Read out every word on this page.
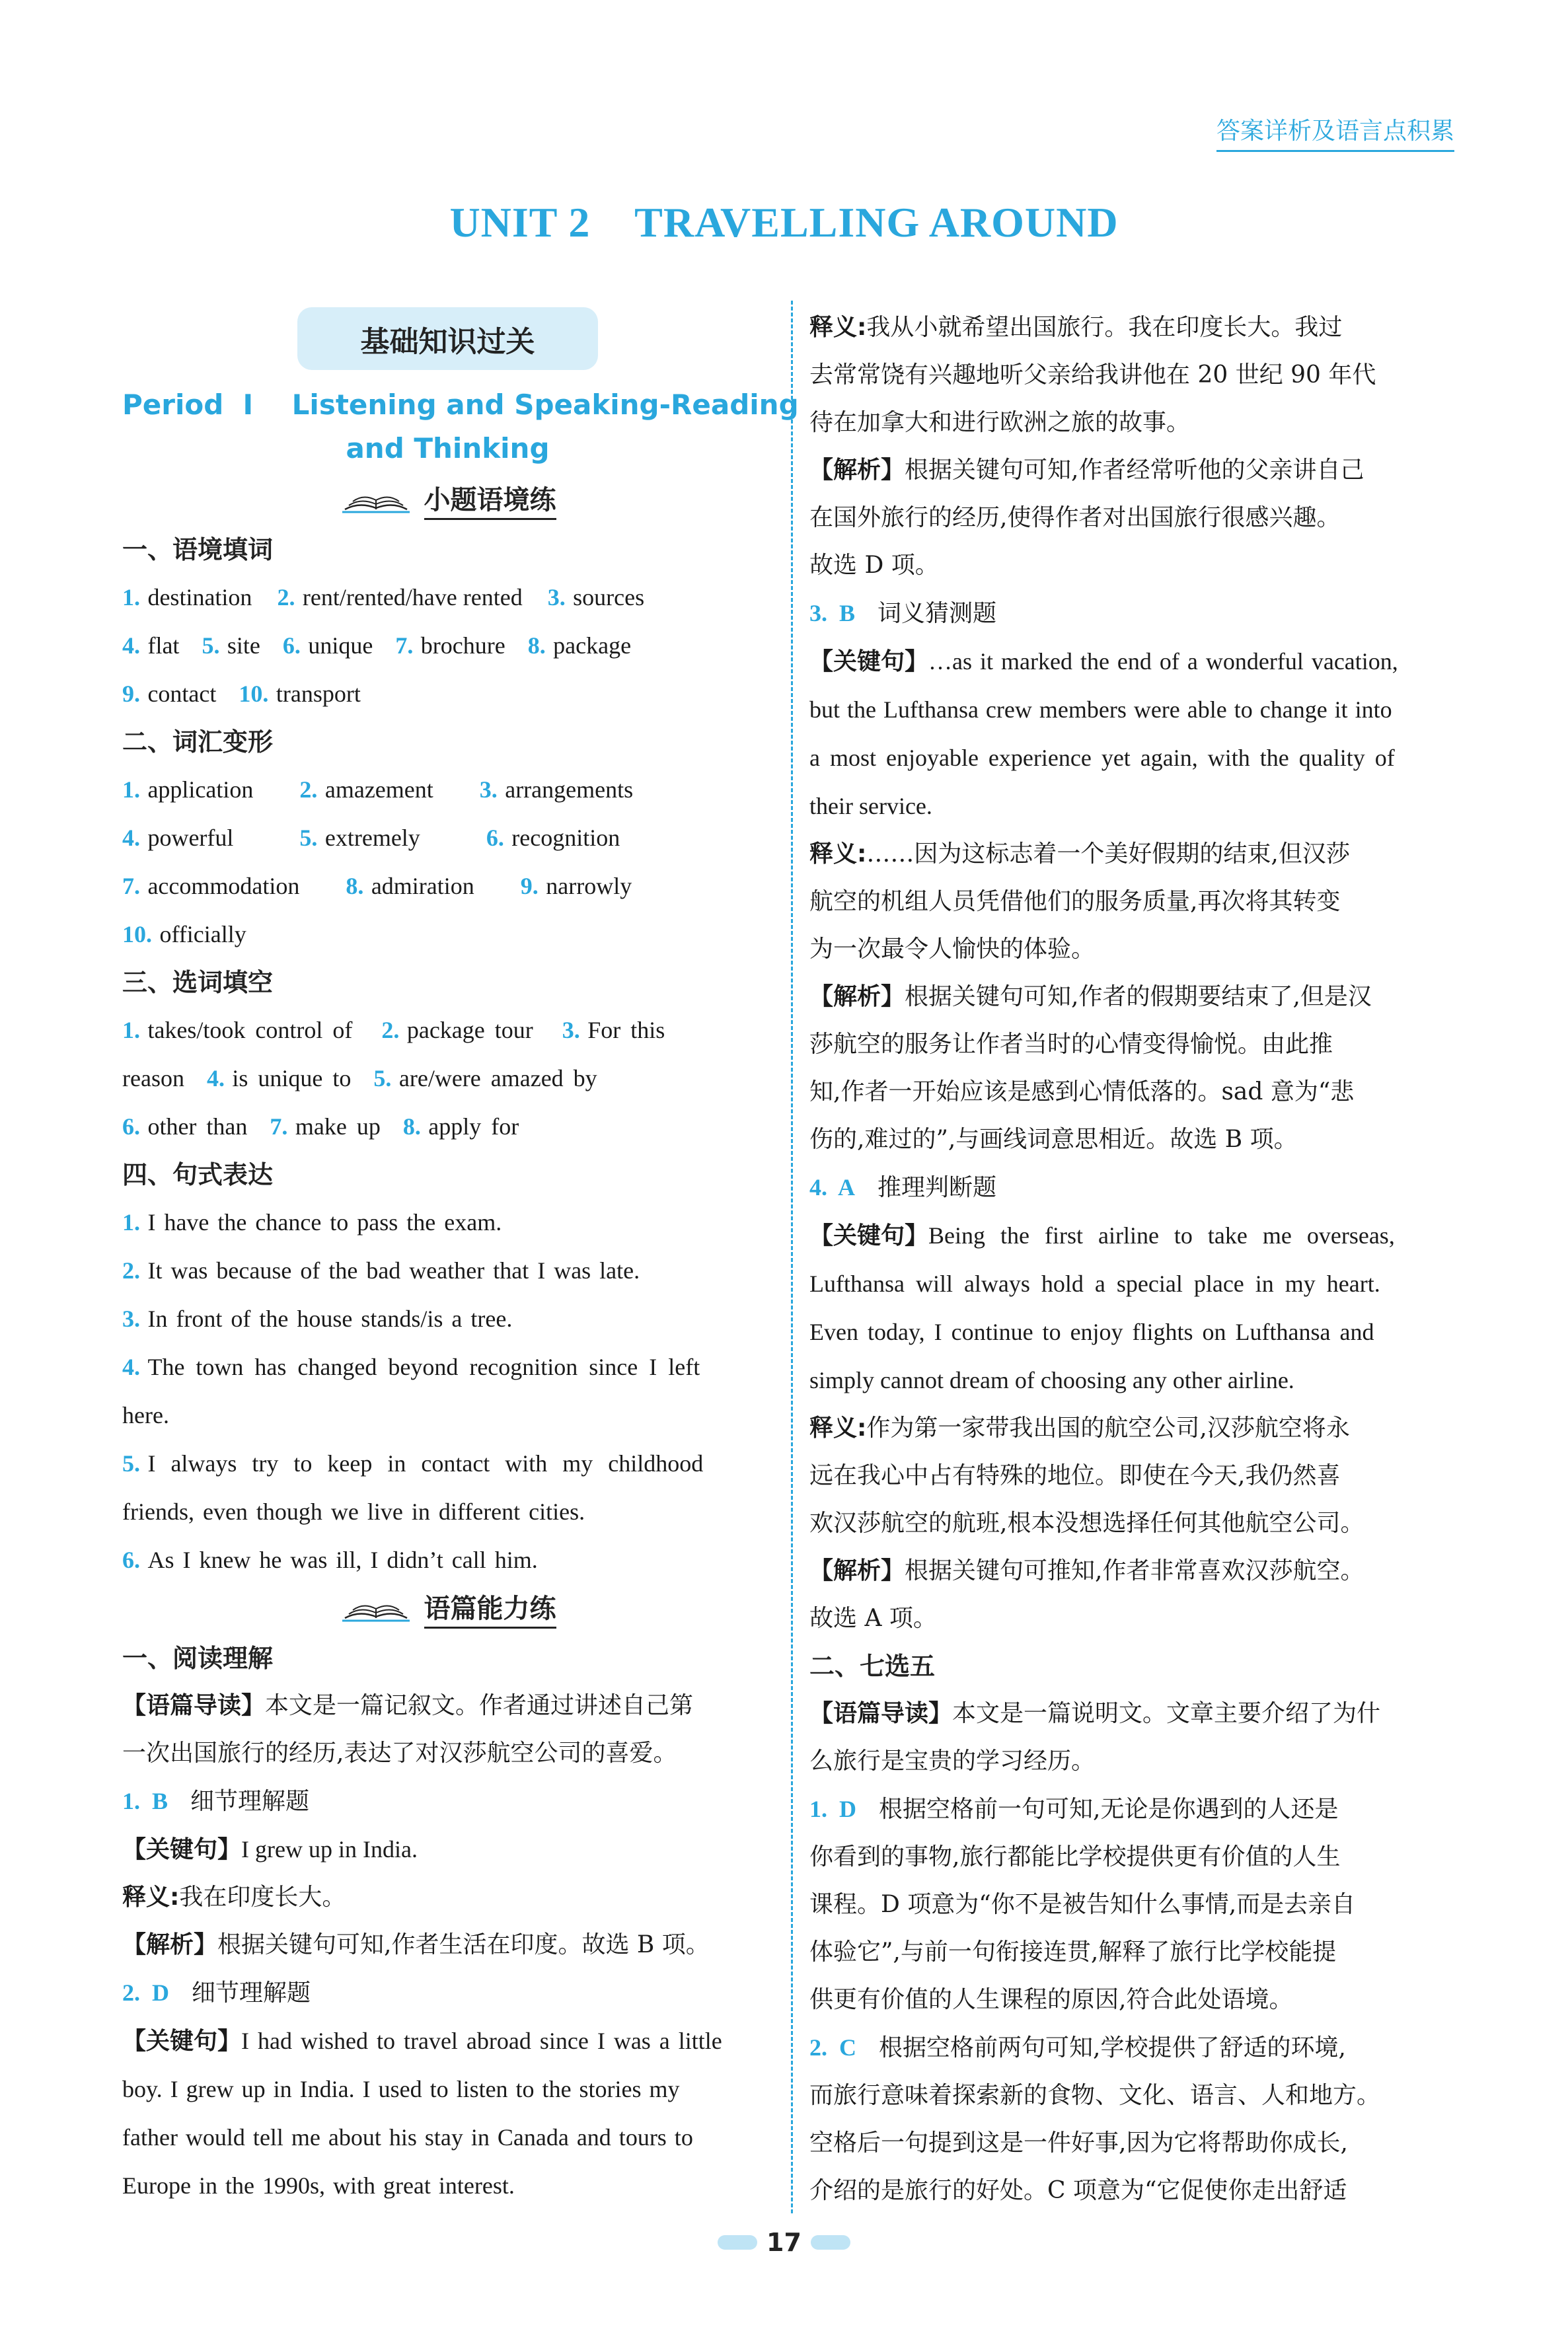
答案详析及语言点积累
UNIT 2    TRAVELLING AROUND
基础知识过关
Period  Ⅰ    Listening and Speaking-Reading
and Thinking
小题语境练
一、语境填词
1. destination 2. rent/rented/have rented 3. sources
4. flat 5. site 6. unique 7. brochure 8. package
9. contact 10. transport
二、词汇变形
1. application 2. amazement 3. arrangements
4. powerful	5. extremely	6. recognition
7. accommodation 8. admiration 9. narrowly
10. officially
三、选词填空
1. takes/took control of 2. package tour 3. For this
reason 4. is unique to 5. are/were amazed by
6. other than 7. make up 8. apply for
四、句式表达
1. I have the chance to pass the exam.
2. It was because of the bad weather that I was late.
3. In front of the house stands/is a tree.
4. The town has changed beyond recognition since I left
here.
5. I always try to keep in contact with my childhood
friends, even though we live in different cities.
6. As I knew he was ill, I didn’t call him.
语篇能力练
一、阅读理解
【语篇导读】本文是一篇记叙文。作者通过讲述自己第
一次出国旅行的经历,表达了对汉莎航空公司的喜爱。
1.  B 细节理解题
【关键句】I grew up in India.
释义:我在印度长大。
【解析】根据关键句可知,作者生活在印度。故选 B 项。
2.  D 细节理解题
【关键句】I had wished to travel abroad since I was a little
boy. I grew up in India. I used to listen to the stories my
father would tell me about his stay in Canada and tours to
Europe in the 1990s, with great interest.
释义:我从小就希望出国旅行。我在印度长大。我过
去常常饶有兴趣地听父亲给我讲他在 20 世纪 90 年代
待在加拿大和进行欧洲之旅的故事。
【解析】根据关键句可知,作者经常听他的父亲讲自己
在国外旅行的经历,使得作者对出国旅行很感兴趣。
故选 D 项。
3.  B 词义猜测题
【关键句】…as it marked the end of a wonderful vacation,
but the Lufthansa crew members were able to change it into
a most enjoyable experience yet again, with the quality of
their service.
释义:……因为这标志着一个美好假期的结束,但汉莎
航空的机组人员凭借他们的服务质量,再次将其转变
为一次最令人愉快的体验。
【解析】根据关键句可知,作者的假期要结束了,但是汉
莎航空的服务让作者当时的心情变得愉悦。由此推
知,作者一开始应该是感到心情低落的。sad 意为“悲
伤的,难过的”,与画线词意思相近。故选 B 项。
4.  A 推理判断题
【关键句】Being the first airline to take me overseas,
Lufthansa will always hold a special place in my heart.
Even today, I continue to enjoy flights on Lufthansa and
simply cannot dream of choosing any other airline.
释义:作为第一家带我出国的航空公司,汉莎航空将永
远在我心中占有特殊的地位。即使在今天,我仍然喜
欢汉莎航空的航班,根本没想选择任何其他航空公司。
【解析】根据关键句可推知,作者非常喜欢汉莎航空。
故选 A 项。
二、七选五
【语篇导读】本文是一篇说明文。文章主要介绍了为什
么旅行是宝贵的学习经历。
1.  D 根据空格前一句可知,无论是你遇到的人还是
你看到的事物,旅行都能比学校提供更有价值的人生
课程。D 项意为“你不是被告知什么事情,而是去亲自
体验它”,与前一句衔接连贯,解释了旅行比学校能提
供更有价值的人生课程的原因,符合此处语境。
2.  C 根据空格前两句可知,学校提供了舒适的环境,
而旅行意味着探索新的食物、文化、语言、人和地方。
空格后一句提到这是一件好事,因为它将帮助你成长,
介绍的是旅行的好处。C 项意为“它促使你走出舒适
17
